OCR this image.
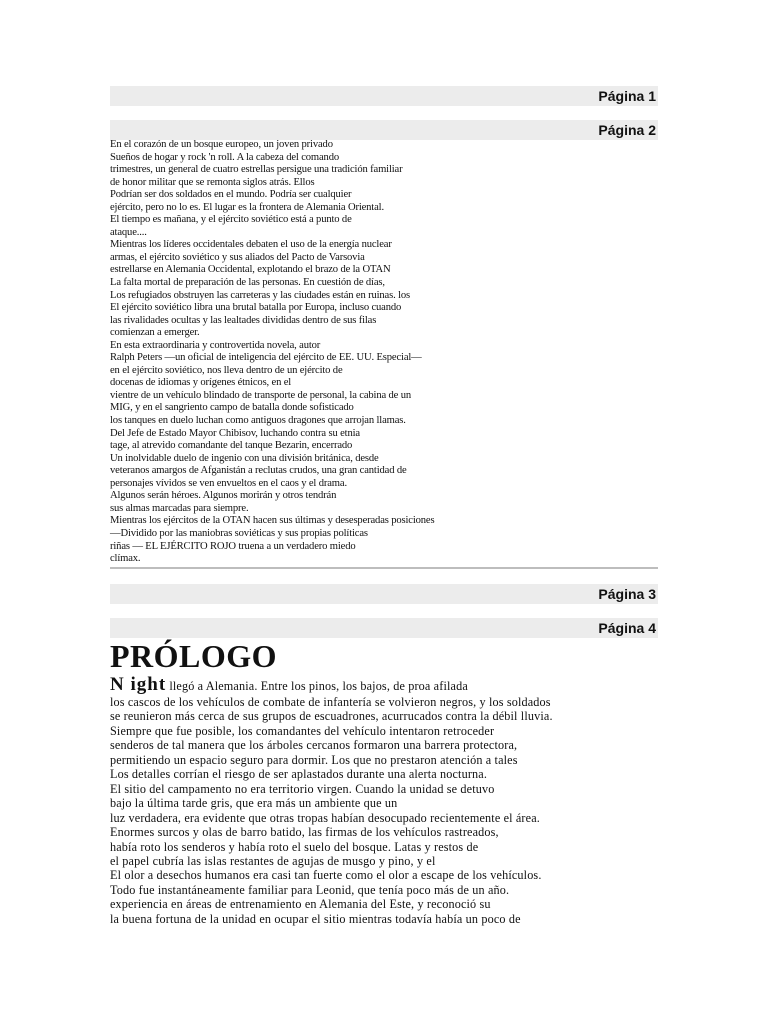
Página 1
Página 2
En el corazón de un bosque europeo, un joven privado
Sueños de hogar y rock 'n roll. A la cabeza del comando
trimestres, un general de cuatro estrellas persigue una tradición familiar
de honor militar que se remonta siglos atrás. Ellos
Podrían ser dos soldados en el mundo. Podría ser cualquier
ejército, pero no lo es. El lugar es la frontera de Alemania Oriental.
El tiempo es mañana, y el ejército soviético está a punto de
ataque....
Mientras los líderes occidentales debaten el uso de la energía nuclear
armas, el ejército soviético y sus aliados del Pacto de Varsovia
estrellarse en Alemania Occidental, explotando el brazo de la OTAN
La falta mortal de preparación de las personas. En cuestión de días,
Los refugiados obstruyen las carreteras y las ciudades están en ruinas. los
El ejército soviético libra una brutal batalla por Europa, incluso cuando
las rivalidades ocultas y las lealtades divididas dentro de sus filas
comienzan a emerger.
En esta extraordinaria y controvertida novela, autor
Ralph Peters —un oficial de inteligencia del ejército de EE. UU. Especial—
en el ejército soviético, nos lleva dentro de un ejército de
docenas de idiomas y orígenes étnicos, en el
vientre de un vehículo blindado de transporte de personal, la cabina de un
MIG, y en el sangriento campo de batalla donde sofisticado
los tanques en duelo luchan como antiguos dragones que arrojan llamas.
Del Jefe de Estado Mayor Chibisov, luchando contra su etnia
tage, al atrevido comandante del tanque Bezarin, encerrado
Un inolvidable duelo de ingenio con una división británica, desde
veteranos amargos de Afganistán a reclutas crudos, una gran cantidad de
personajes vívidos se ven envueltos en el caos y el drama.
Algunos serán héroes. Algunos morirán y otros tendrán
sus almas marcadas para siempre.
Mientras los ejércitos de la OTAN hacen sus últimas y desesperadas posiciones
—Dividido por las maniobras soviéticas y sus propias políticas
riñas — EL EJÉRCITO ROJO truena a un verdadero miedo
clímax.
Página 3
Página 4
PRÓLOGO
N ight llegó a Alemania. Entre los pinos, los bajos, de proa afilada
los cascos de los vehículos de combate de infantería se volvieron negros, y los soldados
se reunieron más cerca de sus grupos de escuadrones, acurrucados contra la débil lluvia.
Siempre que fue posible, los comandantes del vehículo intentaron retroceder
senderos de tal manera que los árboles cercanos formaron una barrera protectora,
permitiendo un espacio seguro para dormir. Los que no prestaron atención a tales
Los detalles corrían el riesgo de ser aplastados durante una alerta nocturna.
El sitio del campamento no era territorio virgen. Cuando la unidad se detuvo
bajo la última tarde gris, que era más un ambiente que un
luz verdadera, era evidente que otras tropas habían desocupado recientemente el área.
Enormes surcos y olas de barro batido, las firmas de los vehículos rastreados,
había roto los senderos y había roto el suelo del bosque. Latas y restos de
el papel cubría las islas restantes de agujas de musgo y pino, y el
El olor a desechos humanos era casi tan fuerte como el olor a escape de los vehículos.
Todo fue instantáneamente familiar para Leonid, que tenía poco más de un año.
experiencia en áreas de entrenamiento en Alemania del Este, y reconoció su
la buena fortuna de la unidad en ocupar el sitio mientras todavía había un poco de
